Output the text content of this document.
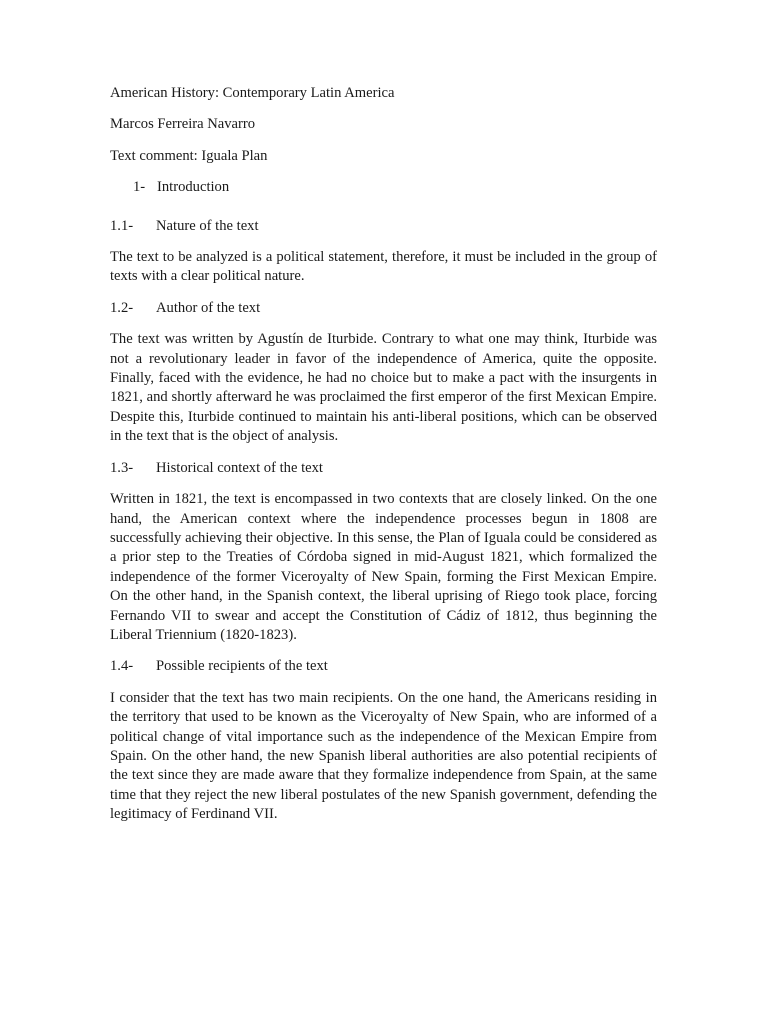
American History: Contemporary Latin America

Marcos Ferreira Navarro

Text comment: Iguala Plan

1- Introduction

1.1- Nature of the text

The text to be analyzed is a political statement, therefore, it must be included in the group of texts with a clear political nature.

1.2- Author of the text

The text was written by Agustín de Iturbide. Contrary to what one may think, Iturbide was not a revolutionary leader in favor of the independence of America, quite the opposite. Finally, faced with the evidence, he had no choice but to make a pact with the insurgents in 1821, and shortly afterward he was proclaimed the first emperor of the first Mexican Empire. Despite this, Iturbide continued to maintain his anti-liberal positions, which can be observed in the text that is the object of analysis.

1.3- Historical context of the text

Written in 1821, the text is encompassed in two contexts that are closely linked. On the one hand, the American context where the independence processes begun in 1808 are successfully achieving their objective. In this sense, the Plan of Iguala could be considered as a prior step to the Treaties of Córdoba signed in mid-August 1821, which formalized the independence of the former Viceroyalty of New Spain, forming the First Mexican Empire. On the other hand, in the Spanish context, the liberal uprising of Riego took place, forcing Fernando VII to swear and accept the Constitution of Cádiz of 1812, thus beginning the Liberal Triennium (1820-1823).

1.4- Possible recipients of the text

I consider that the text has two main recipients. On the one hand, the Americans residing in the territory that used to be known as the Viceroyalty of New Spain, who are informed of a political change of vital importance such as the independence of the Mexican Empire from Spain. On the other hand, the new Spanish liberal authorities are also potential recipients of the text since they are made aware that they formalize independence from Spain, at the same time that they reject the new liberal postulates of the new Spanish government, defending the legitimacy of Ferdinand VII.
